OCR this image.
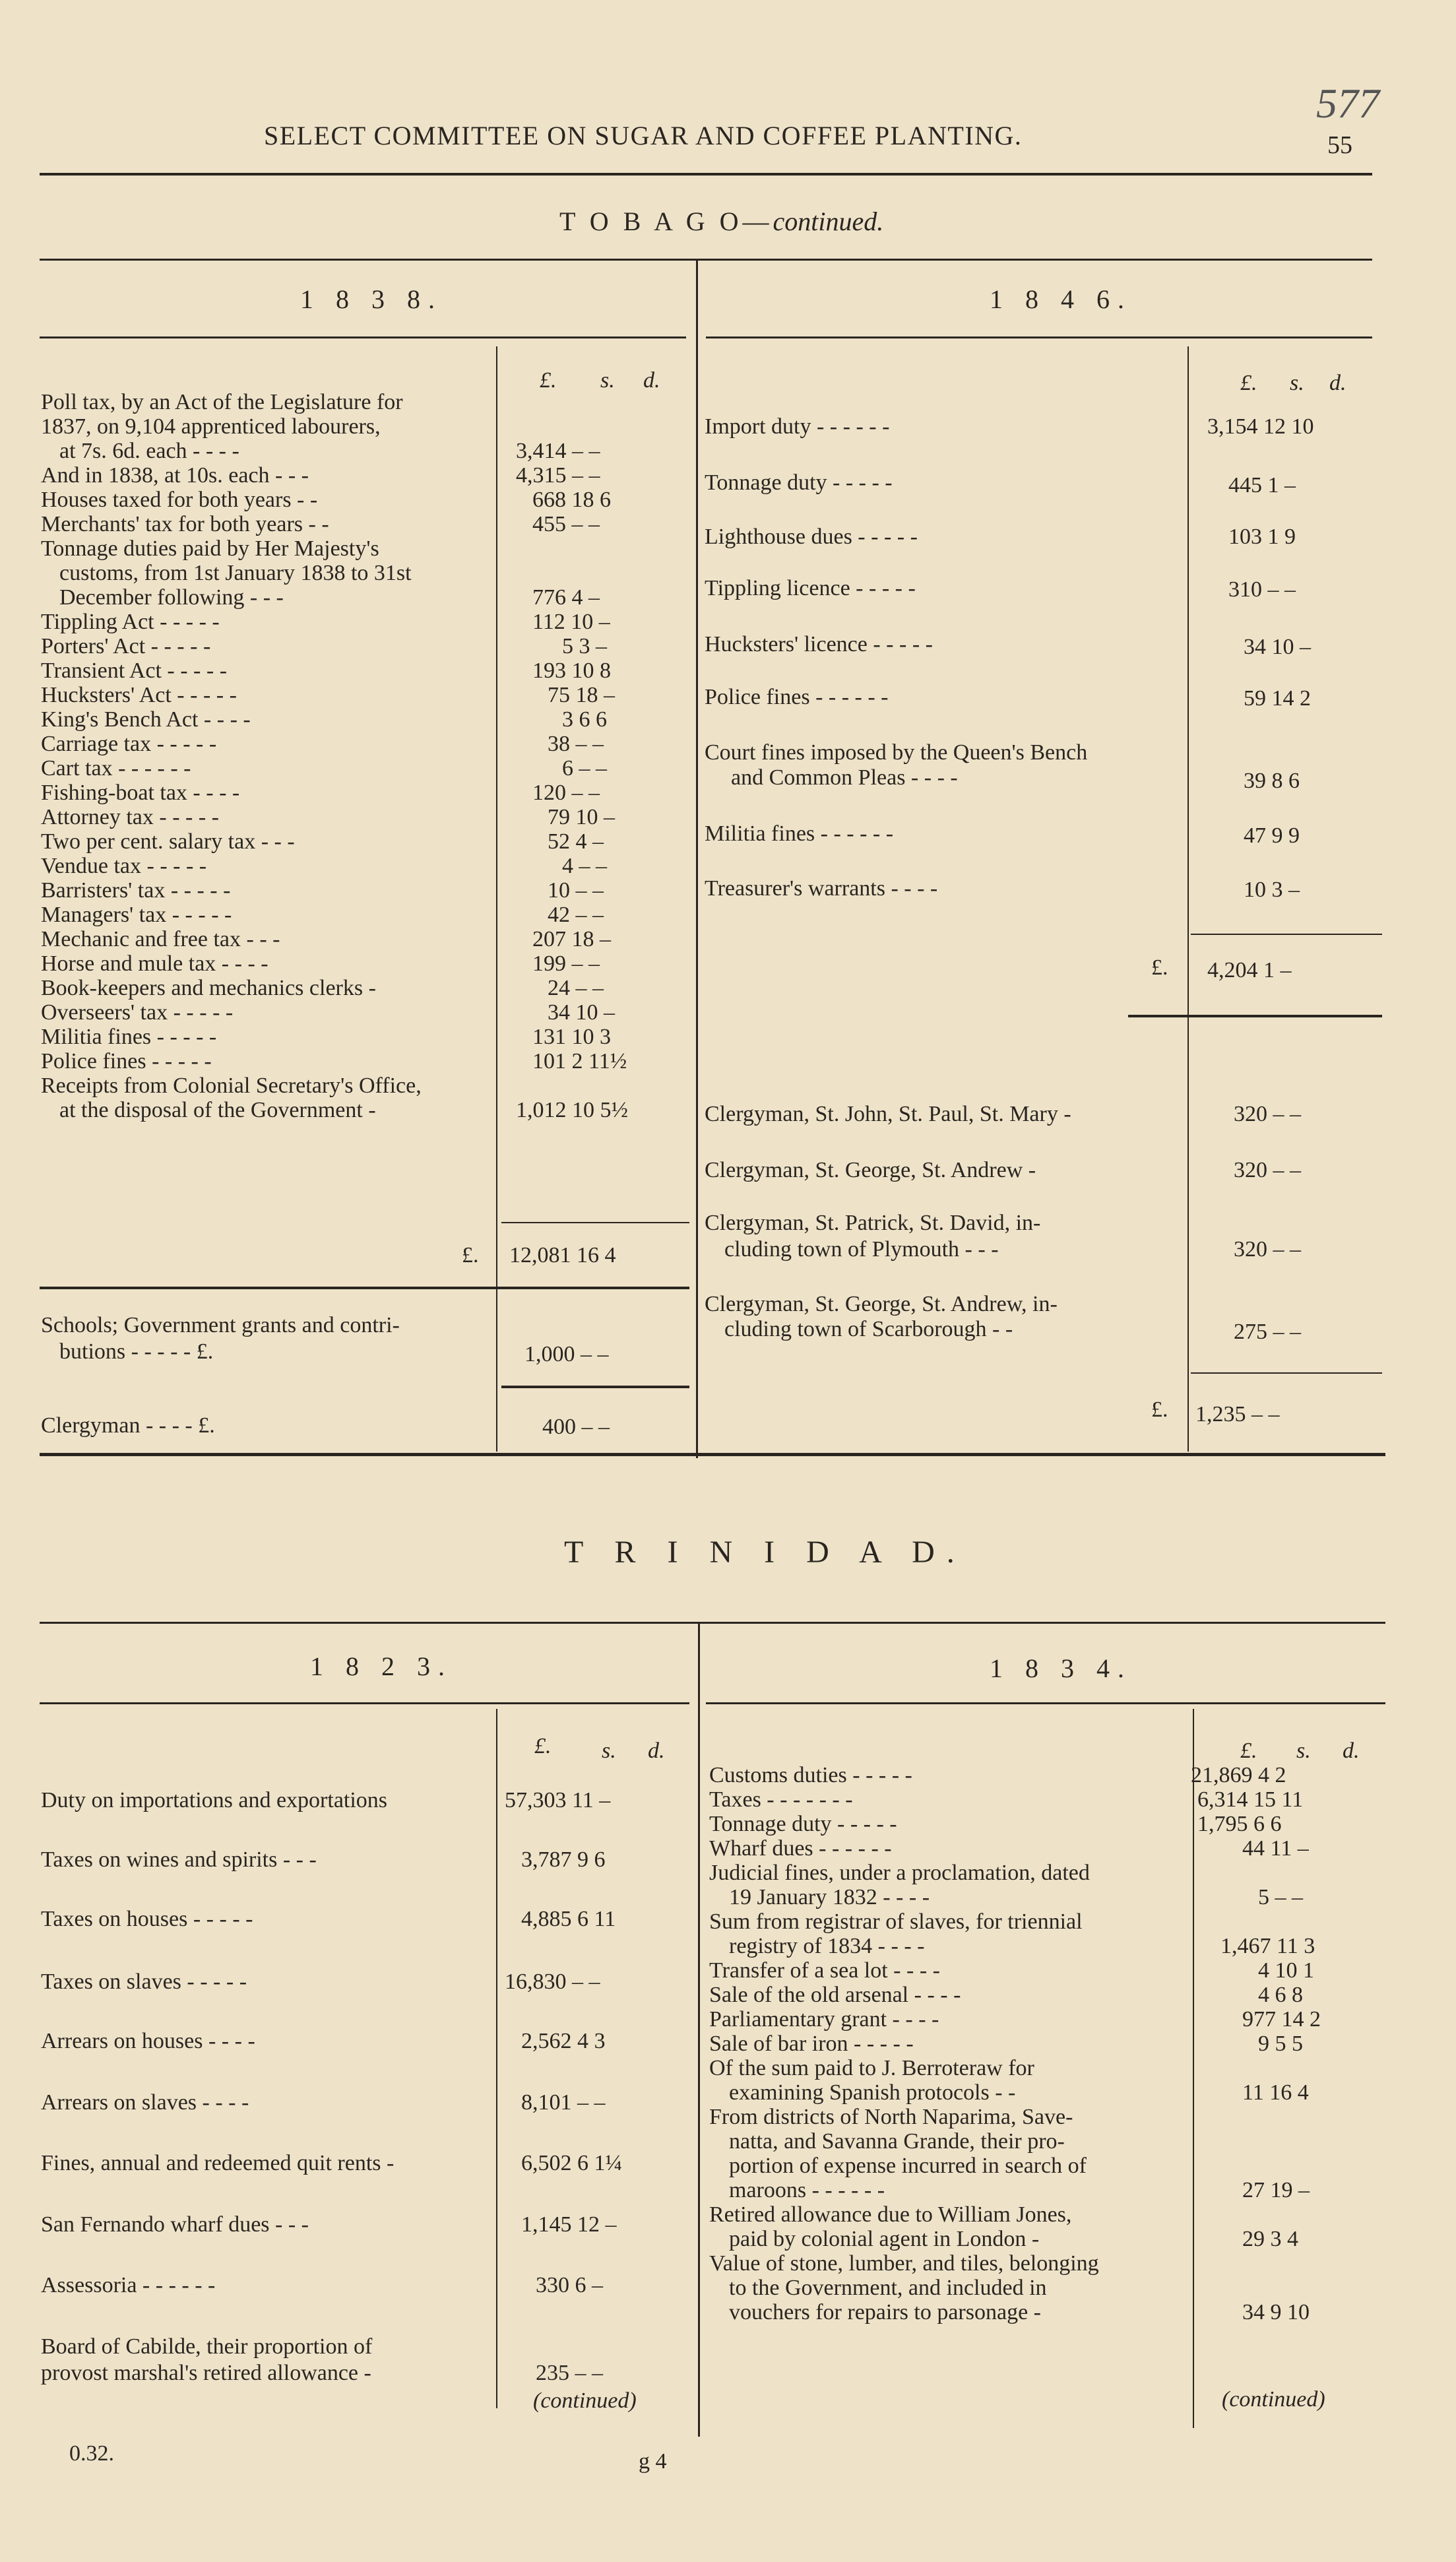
SELECT COMMITTEE ON SUGAR AND COFFEE PLANTING.
577
55
T O B A G O—continued.
1 8 3 8.
£. s. d.
Poll tax, by an Act of the Legislature for
1837, on 9,104 apprenticed labourers,
at 7s. 6d. each - - - -	3,414 – –
And in 1838, at 10s. each - - -	4,315 – –
Houses taxed for both years - -	668 18 6
Merchants' tax for both years - -	455 – –
Tonnage duties paid by Her Majesty's
customs, from 1st January 1838 to 31st
December following - - -	776 4 –
Tippling Act - - - - -	112 10 –
Porters' Act - - - - -	5 3 –
Transient Act - - - - -	193 10 8
Hucksters' Act - - - - -	75 18 –
King's Bench Act - - - -	3 6 6
Carriage tax - - - - -	38 – –
Cart tax - - - - - -	6 – –
Fishing-boat tax - - - -	120 – –
Attorney tax - - - - -	79 10 –
Two per cent. salary tax - - -	52 4 –
Vendue tax - - - - -	4 – –
Barristers' tax - - - - -	10 – –
Managers' tax - - - - -	42 – –
Mechanic and free tax - - -	207 18 –
Horse and mule tax - - - -	199 – –
Book-keepers and mechanics clerks -	24 – –
Overseers' tax - - - - -	34 10 –
Militia fines - - - - -	131 10 3
Police fines - - - - -	101 2 11½
Receipts from Colonial Secretary's Office,
at the disposal of the Government -	1,012 10 5½
£. 12,081 16 4
Schools; Government grants and contri-
butions - - - - - £.	1,000 – –
Clergyman - - - - £.	400 – –
1 8 4 6.
£. s. d.
Import duty - - - - - -	3,154 12 10
Tonnage duty - - - - -	445 1 –
Lighthouse dues - - - - -	103 1 9
Tippling licence - - - - -	310 – –
Hucksters' licence - - - - -	34 10 –
Police fines - - - - - -	59 14 2
Court fines imposed by the Queen's Bench
and Common Pleas - - - -	39 8 6
Militia fines - - - - - -	47 9 9
Treasurer's warrants - - - -	10 3 –
£. 4,204 1 –
Clergyman, St. John, St. Paul, St. Mary -	320 – –
Clergyman, St. George, St. Andrew -	320 – –
Clergyman, St. Patrick, St. David, in-
cluding town of Plymouth - - -	320 – –
Clergyman, St. George, St. Andrew, in-
cluding town of Scarborough - -	275 – –
£. 1,235 – –
T R I N I D A D.
1 8 2 3.
£. s. d.
Duty on importations and exportations	57,303 11 –
Taxes on wines and spirits - - -	3,787 9 6
Taxes on houses - - - - -	4,885 6 11
Taxes on slaves - - - - -	16,830 – –
Arrears on houses - - - -	2,562 4 3
Arrears on slaves - - - -	8,101 – –
Fines, annual and redeemed quit rents -	6,502 6 1¼
San Fernando wharf dues - - -	1,145 12 –
Assessoria - - - - - -	330 6 –
Board of Cabilde, their proportion of
provost marshal's retired allowance -	235 – –
(continued)
1 8 3 4.
£. s. d.
Customs duties - - - - -	21,869 4 2
Taxes - - - - - - -	6,314 15 11
Tonnage duty - - - - -	1,795 6 6
Wharf dues - - - - - -	44 11 –
Judicial fines, under a proclamation, dated
19 January 1832 - - - -	5 – –
Sum from registrar of slaves, for triennial
registry of 1834 - - - -	1,467 11 3
Transfer of a sea lot - - - -	4 10 1
Sale of the old arsenal - - - -	4 6 8
Parliamentary grant - - - -	977 14 2
Sale of bar iron - - - - -	9 5 5
Of the sum paid to J. Berroteraw for
examining Spanish protocols - -	11 16 4
From districts of North Naparima, Save-
natta, and Savanna Grande, their pro-
portion of expense incurred in search of
maroons - - - - - -	27 19 –
Retired allowance due to William Jones,
paid by colonial agent in London -	29 3 4
Value of stone, lumber, and tiles, belonging
to the Government, and included in
vouchers for repairs to parsonage -	34 9 10
(continued)
0.32.	g 4
